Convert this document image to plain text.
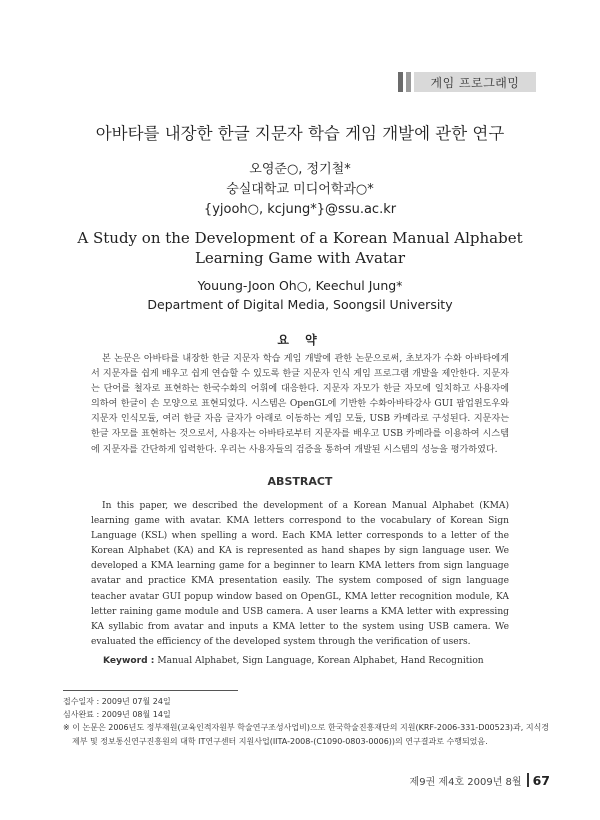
게임 프로그래밍
아바타를 내장한 한글 지문자 학습 게임 개발에 관한 연구
오영준○, 정기철*
숭실대학교 미디어학과○*
{yjooh○, kcjung*}@ssu.ac.kr
A Study on the Development of a Korean Manual Alphabet Learning Game with Avatar
Youung-Joon Oh○, Keechul Jung*
Department of Digital Media, Soongsil University
요 약
본 논문은 아바타를 내장한 한글 지문자 학습 게임 개발에 관한 논문으로써, 초보자가 수화 아바타에게서 지문자를 쉽게 배우고 쉽게 연습할 수 있도록 한글 지문자 인식 게임 프로그램 개발을 제안한다. 지문자는 단어를 철자로 표현하는 한국수화의 어휘에 대응한다. 지문자 자모가 한글 자모에 일치하고 사용자에 의하여 한글이 손 모양으로 표현되었다. 시스템은 OpenGL에 기반한 수화아바타강사 GUI 팝업윈도우와 지문자 인식모듈, 여러 한글 자음 글자가 아래로 이동하는 게임 모듈, USB 카메라로 구성된다. 지문자는 한글 자모를 표현하는 것으로서, 사용자는 아바타로부터 지문자를 배우고 USB 카메라를 이용하여 시스템에 지문자를 간단하게 입력한다. 우리는 사용자들의 검증을 통하여 개발된 시스템의 성능을 평가하였다.
ABSTRACT
In this paper, we described the development of a Korean Manual Alphabet (KMA) learning game with avatar. KMA letters correspond to the vocabulary of Korean Sign Language (KSL) when spelling a word. Each KMA letter corresponds to a letter of the Korean Alphabet (KA) and KA is represented as hand shapes by sign language user. We developed a KMA learning game for a beginner to learn KMA letters from sign language avatar and practice KMA presentation easily. The system composed of sign language teacher avatar GUI popup window based on OpenGL, KMA letter recognition module, KA letter raining game module and USB camera. A user learns a KMA letter with expressing KA syllabic from avatar and inputs a KMA letter to the system using USB camera. We evaluated the efficiency of the developed system through the verification of users.
Keyword : Manual Alphabet, Sign Language, Korean Alphabet, Hand Recognition
접수일자 : 2009년 07월 24일
심사완료 : 2009년 08월 14일
※ 이 논문은 2006년도 정부재원(교육인적자원부 학술연구조성사업비)으로 한국학술진흥재단의 지원(KRF-2006-331-D00523)과, 지식경
제부 및 정보통신연구진흥원의 대학 IT연구센터 지원사업(IITA-2008-(C1090-0803-0006))의 연구결과로 수행되었음.
제9권 제4호 2009년 8월 67
